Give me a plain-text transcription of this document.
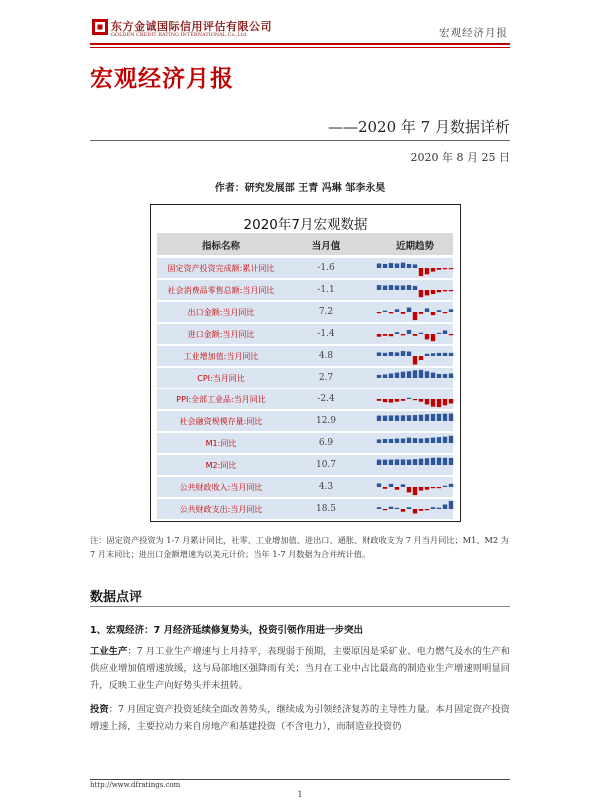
东方金诚国际信用评估有限公司
GOLDEN CREDIT RATING INTERNATIONAL Co.,Ltd.	宏观经济月报
宏观经济月报
——2020 年 7 月数据详析
2020 年 8 月 25 日
作者：研究发展部 王青 冯琳 邹李永昊
2020年7月宏观数据
指标名称	当月值	近期趋势
固定资产投资完成额:累计同比	-1.6
社会消费品零售总额:当月同比	-1.1
出口金额:当月同比	7.2
进口金额:当月同比	-1.4
工业增加值:当月同比	4.8
CPI:当月同比	2.7
PPI:全部工业品:当月同比	-2.4
社会融资规模存量:同比	12.9
M1:同比	6.9
M2:同比	10.7
公共财政收入:当月同比	4.3
公共财政支出:当月同比	18.5
注：固定资产投资为 1-7 月累计同比，社零、工业增加值、进出口、通胀、财政收支为 7 月当月同比；M1、M2 为 7 月末同比；进出口金额增速为以美元计价；当年 1-7 月数据为合并统计值。
数据点评
1、宏观经济：7 月经济延续修复势头，投资引领作用进一步突出
工业生产：7 月工业生产增速与上月持平，表现弱于预期，主要原因是采矿业、电力燃气及水的生产和供应业增加值增速放缓，这与局部地区强降雨有关；当月在工业中占比最高的制造业生产增速则明显回升，反映工业生产向好势头并未扭转。
投资：7 月固定资产投资延续全面改善势头，继续成为引领经济复苏的主导性力量。本月固定资产投资增速上扬，主要拉动力来自房地产和基建投资（不含电力），而制造业投资仍
http://www.dfratings.com
1
